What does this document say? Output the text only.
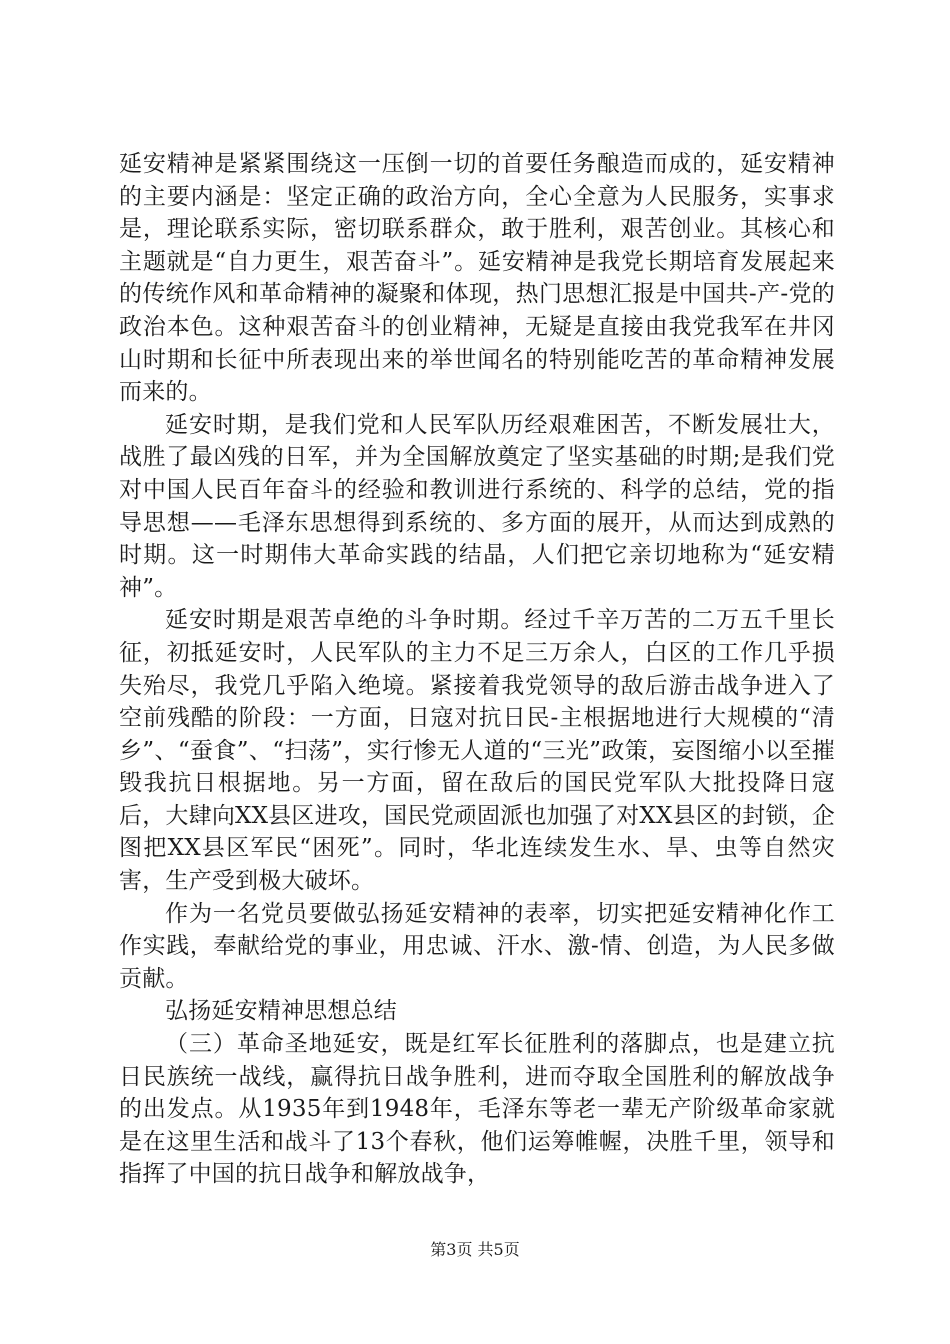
延安精神是紧紧围绕这一压倒一切的首要任务酿造而成的，延安精神的主要内涵是：坚定正确的政治方向，全心全意为人民服务，实事求是，理论联系实际，密切联系群众，敢于胜利，艰苦创业。其核心和主题就是“自力更生，艰苦奋斗”。延安精神是我党长期培育发展起来的传统作风和革命精神的凝聚和体现，热门思想汇报是中国共-产-党的政治本色。这种艰苦奋斗的创业精神，无疑是直接由我党我军在井冈山时期和长征中所表现出来的举世闻名的特别能吃苦的革命精神发展而来的。

延安时期，是我们党和人民军队历经艰难困苦，不断发展壮大，战胜了最凶残的日军，并为全国解放奠定了坚实基础的时期;是我们党对中国人民百年奋斗的经验和教训进行系统的、科学的总结，党的指导思想——毛泽东思想得到系统的、多方面的展开，从而达到成熟的时期。这一时期伟大革命实践的结晶，人们把它亲切地称为“延安精神”。

延安时期是艰苦卓绝的斗争时期。经过千辛万苦的二万五千里长征，初抵延安时，人民军队的主力不足三万余人，白区的工作几乎损失殆尽，我党几乎陷入绝境。紧接着我党领导的敌后游击战争进入了空前残酷的阶段：一方面，日寇对抗日民-主根据地进行大规模的“清乡”、“蚕食”、“扫荡”，实行惨无人道的“三光”政策，妄图缩小以至摧毁我抗日根据地。另一方面，留在敌后的国民党军队大批投降日寇后，大肆向XX县区进攻，国民党顽固派也加强了对XX县区的封锁，企图把XX县区军民“困死”。同时，华北连续发生水、旱、虫等自然灾害，生产受到极大破坏。

作为一名党员要做弘扬延安精神的表率，切实把延安精神化作工作实践，奉献给党的事业，用忠诚、汗水、激-情、创造，为人民多做贡献。

弘扬延安精神思想总结

（三）革命圣地延安，既是红军长征胜利的落脚点，也是建立抗日民族统一战线，赢得抗日战争胜利，进而夺取全国胜利的解放战争的出发点。从1935年到1948年，毛泽东等老一辈无产阶级革命家就是在这里生活和战斗了13个春秋，他们运筹帷幄，决胜千里，领导和指挥了中国的抗日战争和解放战争，

第3页 共5页
